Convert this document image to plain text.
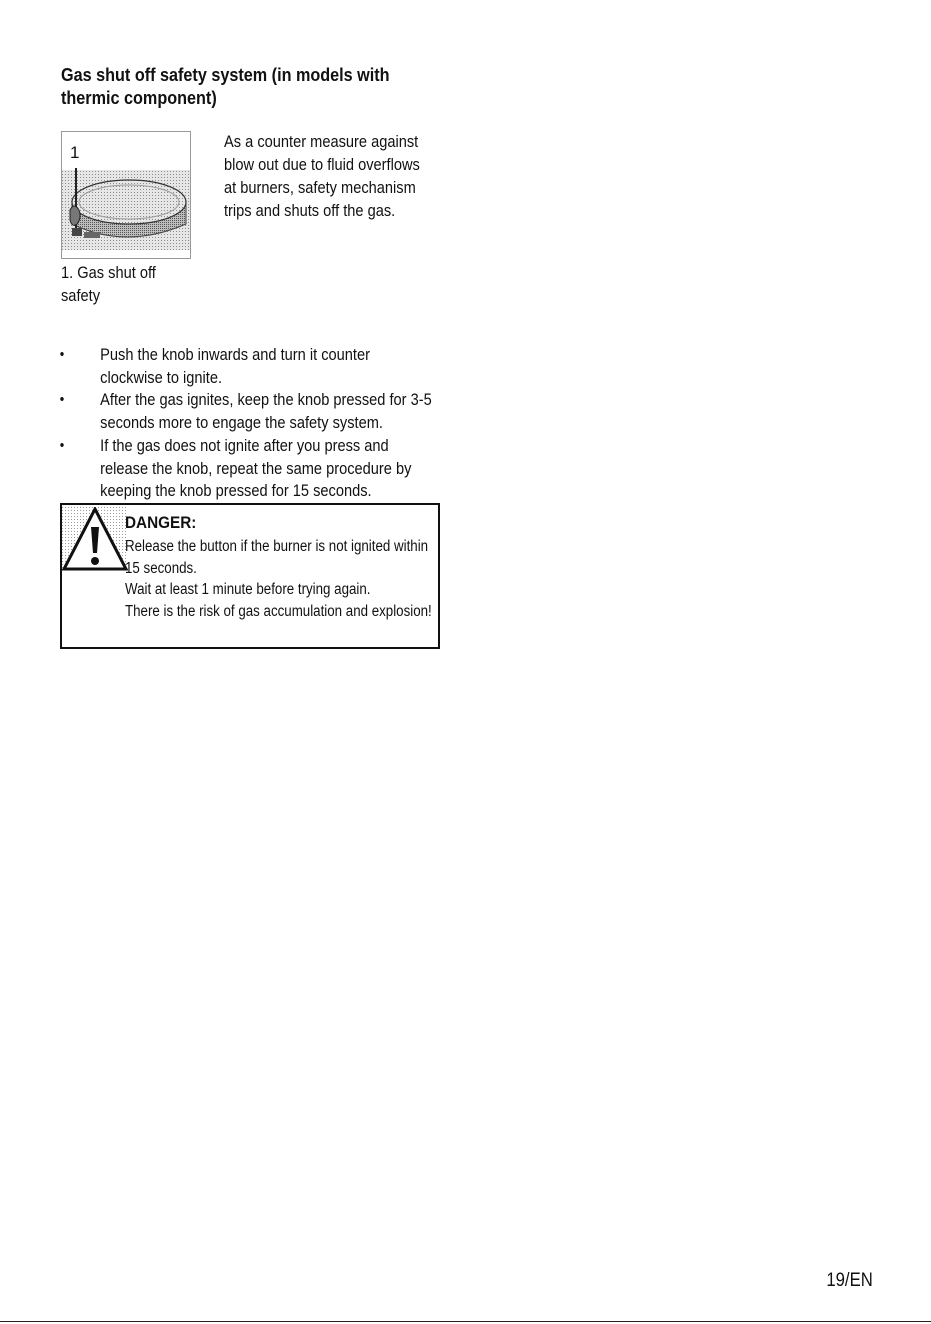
Gas shut off safety system (in models with thermic component)
1

1. Gas shut off safety

As a counter measure against blow out due to fluid overflows at burners, safety mechanism trips and shuts off the gas.

• Push the knob inwards and turn it counter clockwise to ignite.
• After the gas ignites, keep the knob pressed for 3-5 seconds more to engage the safety system.
• If the gas does not ignite after you press and release the knob, repeat the same procedure by keeping the knob pressed for 15 seconds.

DANGER:

Release the button if the burner is not ignited within 15 seconds.

Wait at least 1 minute before trying again.

There is the risk of gas accumulation and explosion!

19/EN
